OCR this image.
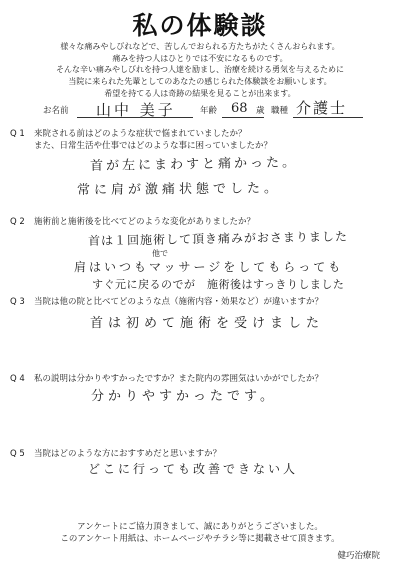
私の体験談
様々な痛みやしびれなどで、苦しんでおられる方たちがたくさんおられます。
痛みを持つ人はひとりでは不安になるものです。
そんな辛い痛みやしびれを持つ人達を励まし、治療を続ける勇気を与えるために
当院に来られた先輩としてのあなたの感じられた体験談をお願いします。
希望を持てる人は奇跡の結果を見ることが出来ます。
お名前 山中 美子	年齢 68 歳 職種 介護士
Q 1 来院される前はどのような症状で悩まれていましたか？
また、日常生活や仕事ではどのような事に困っていましたか？
首が左にまわすと痛かった。
常に肩が激痛状態でした。
Q 2 施術前と施術後を比べてどのような変化がありましたか？
首は１回施術して頂き痛みがおさまりました
他で
肩はいつもマッサージをしてもらっても
すぐ元に戻るのでが　施術後はすっきりしました
Q 3 当院は他の院と比べてどのような点（施術内容・効果など）が違いますか？
首は初めて施術を受けました
Q 4 私の説明は分かりやすかったですか？また院内の雰囲気はいかがでしたか？
分かりやすかったです。
Q 5 当院はどのような方におすすめだと思いますか？
どこに行っても改善できない人
アンケートにご協力頂きまして、誠にありがとうございました。
このアンケート用紙は、ホームページやチラシ等に掲載させて頂きます。
健巧治療院
